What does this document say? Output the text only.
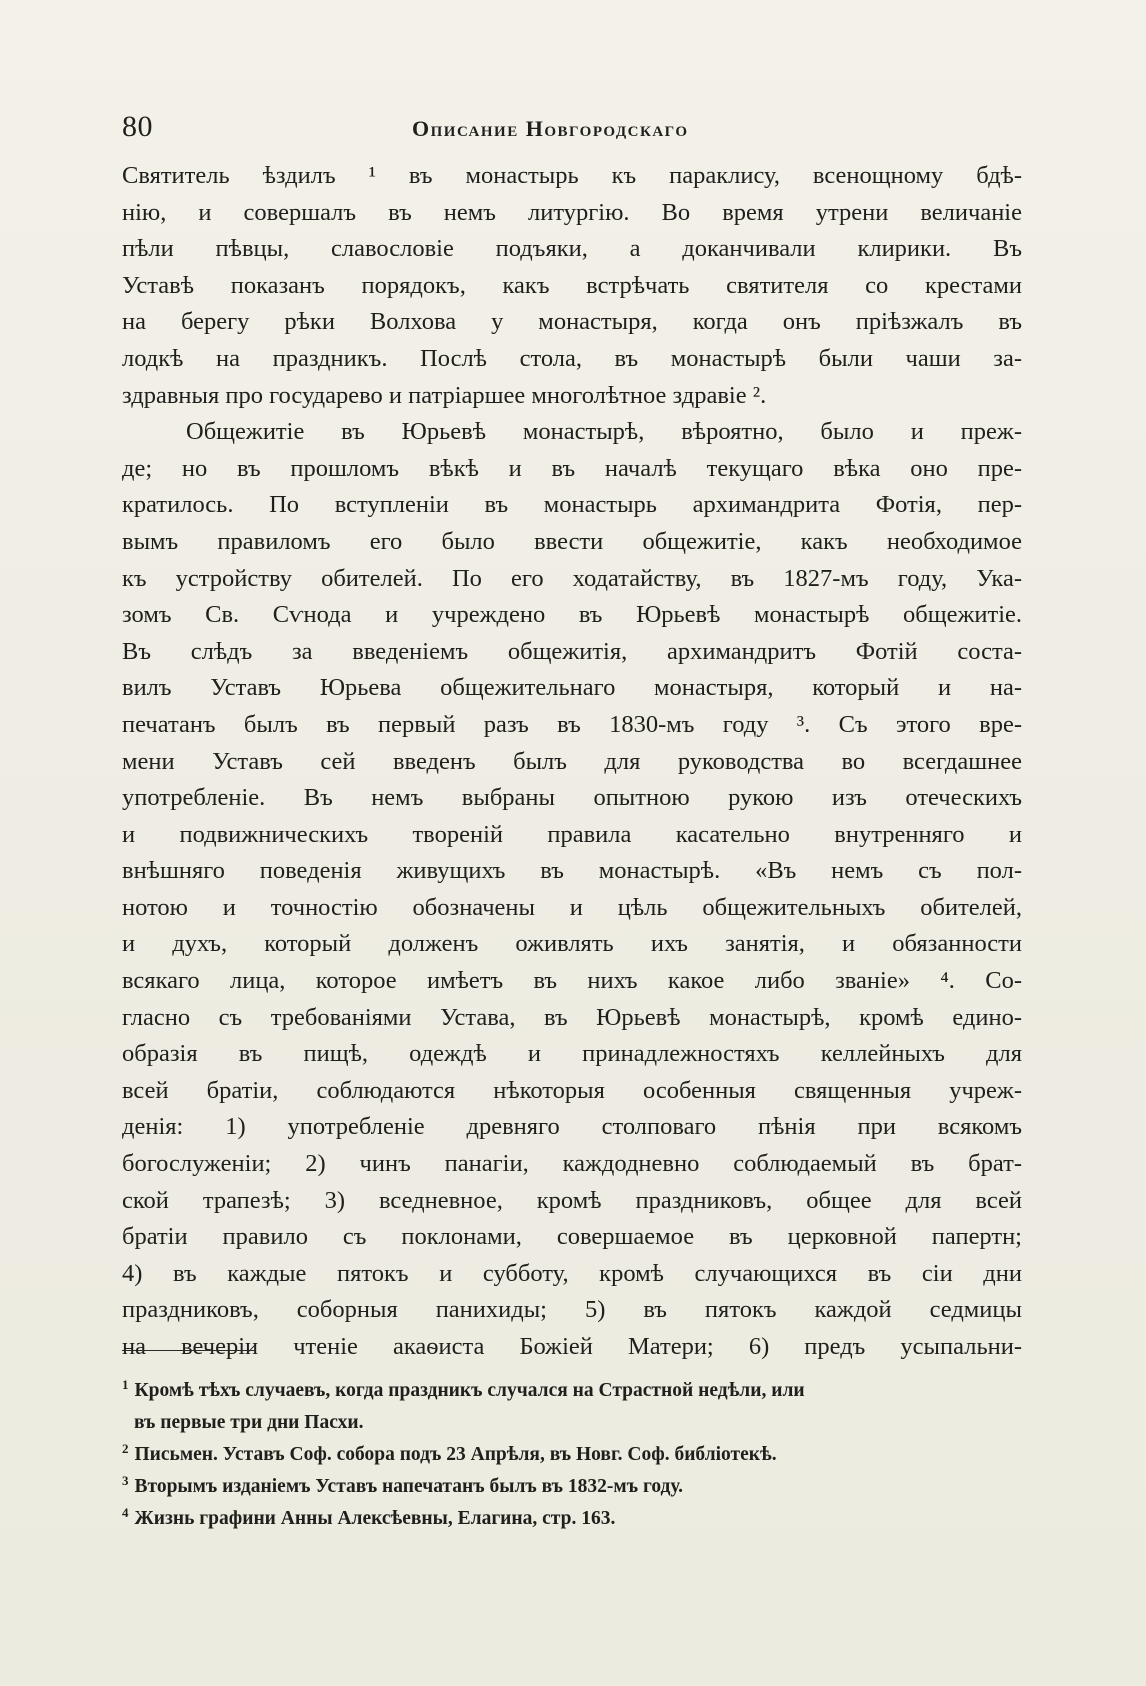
80	Описание Новгородскаго
Святитель ѣздилъ ¹ въ монастырь къ параклису, всенощному бдѣ-
нію, и совершалъ въ немъ литургію. Во время утрени величаніе
пѣли пѣвцы, славословіе подъяки, а доканчивали клирики. Въ
Уставѣ показанъ порядокъ, какъ встрѣчать святителя со крестами
на берегу рѣки Волхова у монастыря, когда онъ пріѣзжалъ въ
лодкѣ на праздникъ. Послѣ стола, въ монастырѣ были чаши за-
здравныя про государево и патріаршее многолѣтное здравіе ².
Общежитіе въ Юрьевѣ монастырѣ, вѣроятно, было и преж-
де; но въ прошломъ вѣкѣ и въ началѣ текущаго вѣка оно пре-
кратилось. По вступленіи въ монастырь архимандрита Фотія, пер-
вымъ правиломъ его было ввести общежитіе, какъ необходимое
къ устройству обителей. По его ходатайству, въ 1827-мъ году, Ука-
зомъ Св. Сѵнода и учреждено въ Юрьевѣ монастырѣ общежитіе.
Въ слѣдъ за введеніемъ общежитія, архимандритъ Фотій соста-
вилъ Уставъ Юрьева общежительнаго монастыря, который и на-
печатанъ былъ въ первый разъ въ 1830-мъ году ³. Съ этого вре-
мени Уставъ сей введенъ былъ для руководства во всегдашнее
употребленіе. Въ немъ выбраны опытною рукою изъ отеческихъ
и подвижническихъ твореній правила касательно внутренняго и
внѣшняго поведенія живущихъ въ монастырѣ. «Въ немъ съ пол-
нотою и точностію обозначены и цѣль общежительныхъ обителей,
и духъ, который долженъ оживлять ихъ занятія, и обязанности
всякаго лица, которое имѣетъ въ нихъ какое либо званіе» ⁴. Со-
гласно съ требованіями Устава, въ Юрьевѣ монастырѣ, кромѣ едино-
образія въ пищѣ, одеждѣ и принадлежностяхъ келлейныхъ для
всей братіи, соблюдаются нѣкоторыя особенныя священныя учреж-
денія: 1) употребленіе древняго столповаго пѣнія при всякомъ
богослуженіи; 2) чинъ панагіи, каждодневно соблюдаемый въ брат-
ской трапезѣ; 3) вседневное, кромѣ праздниковъ, общее для всей
братіи правило съ поклонами, совершаемое въ церковной папертн;
4) въ каждые пятокъ и субботу, кромѣ случающихся въ сіи дни
праздниковъ, соборныя панихиды; 5) въ пятокъ каждой седмицы
на вечеріи чтеніе акаѳиста Божіей Матери; 6) предъ усыпальни-
$^1$ Кромѣ тѣхъ случаевъ, когда праздникъ случался на Страстной недѣли, или
въ первые три дни Пасхи.
$^2$ Письмен. Уставъ Соф. собора подъ 23 Апрѣля, въ Новг. Соф. библіотекѣ.
$^3$ Вторымъ изданіемъ Уставъ напечатанъ былъ въ 1832-мъ году.
$^4$ Жизнь графини Анны Алексѣевны, Елагина, стр. 163.
